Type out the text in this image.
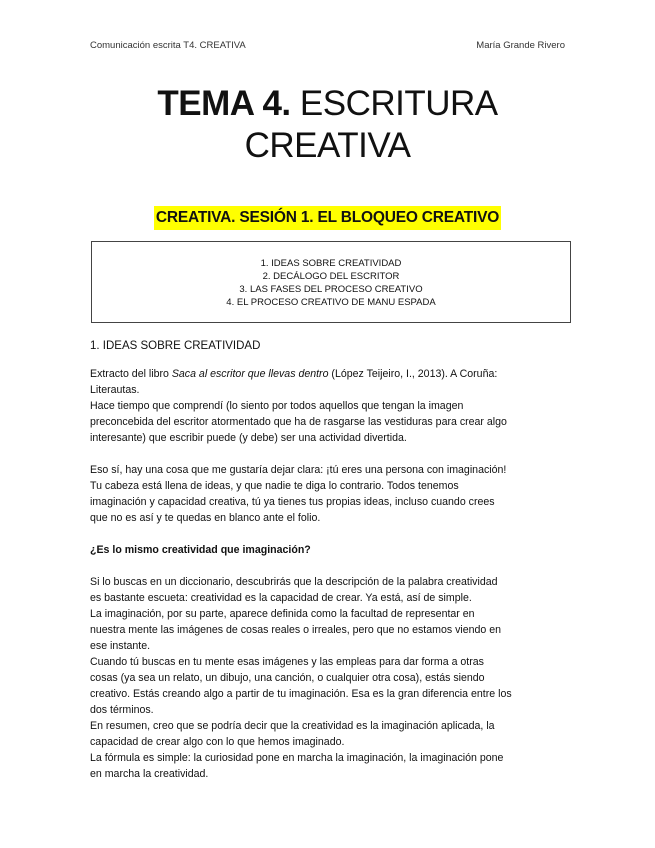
Comunicación escrita T4. CREATIVA	María Grande Rivero
TEMA 4. ESCRITURA
CREATIVA
CREATIVA. SESIÓN 1. EL BLOQUEO CREATIVO
1. IDEAS SOBRE CREATIVIDAD
2. DECÁLOGO DEL ESCRITOR
3. LAS FASES DEL PROCESO CREATIVO
4. EL PROCESO CREATIVO DE MANU ESPADA
1. IDEAS SOBRE CREATIVIDAD

Extracto del libro Saca al escritor que llevas dentro (López Teijeiro, I., 2013). A Coruña:

Literautas.

Hace tiempo que comprendí (lo siento por todos aquellos que tengan la imagen

preconcebida del escritor atormentado que ha de rasgarse las vestiduras para crear algo

interesante) que escribir puede (y debe) ser una actividad divertida.

Eso sí, hay una cosa que me gustaría dejar clara: ¡tú eres una persona con imaginación!

Tu cabeza está llena de ideas, y que nadie te diga lo contrario. Todos tenemos

imaginación y capacidad creativa, tú ya tienes tus propias ideas, incluso cuando crees

que no es así y te quedas en blanco ante el folio.

¿Es lo mismo creatividad que imaginación?

Si lo buscas en un diccionario, descubrirás que la descripción de la palabra creatividad

es bastante escueta: creatividad es la capacidad de crear. Ya está, así de simple.

La imaginación, por su parte, aparece definida como la facultad de representar en

nuestra mente las imágenes de cosas reales o irreales, pero que no estamos viendo en

ese instante.

Cuando tú buscas en tu mente esas imágenes y las empleas para dar forma a otras

cosas (ya sea un relato, un dibujo, una canción, o cualquier otra cosa), estás siendo

creativo. Estás creando algo a partir de tu imaginación. Esa es la gran diferencia entre los

dos términos.

En resumen, creo que se podría decir que la creatividad es la imaginación aplicada, la

capacidad de crear algo con lo que hemos imaginado.

La fórmula es simple: la curiosidad pone en marcha la imaginación, la imaginación pone

en marcha la creatividad.
